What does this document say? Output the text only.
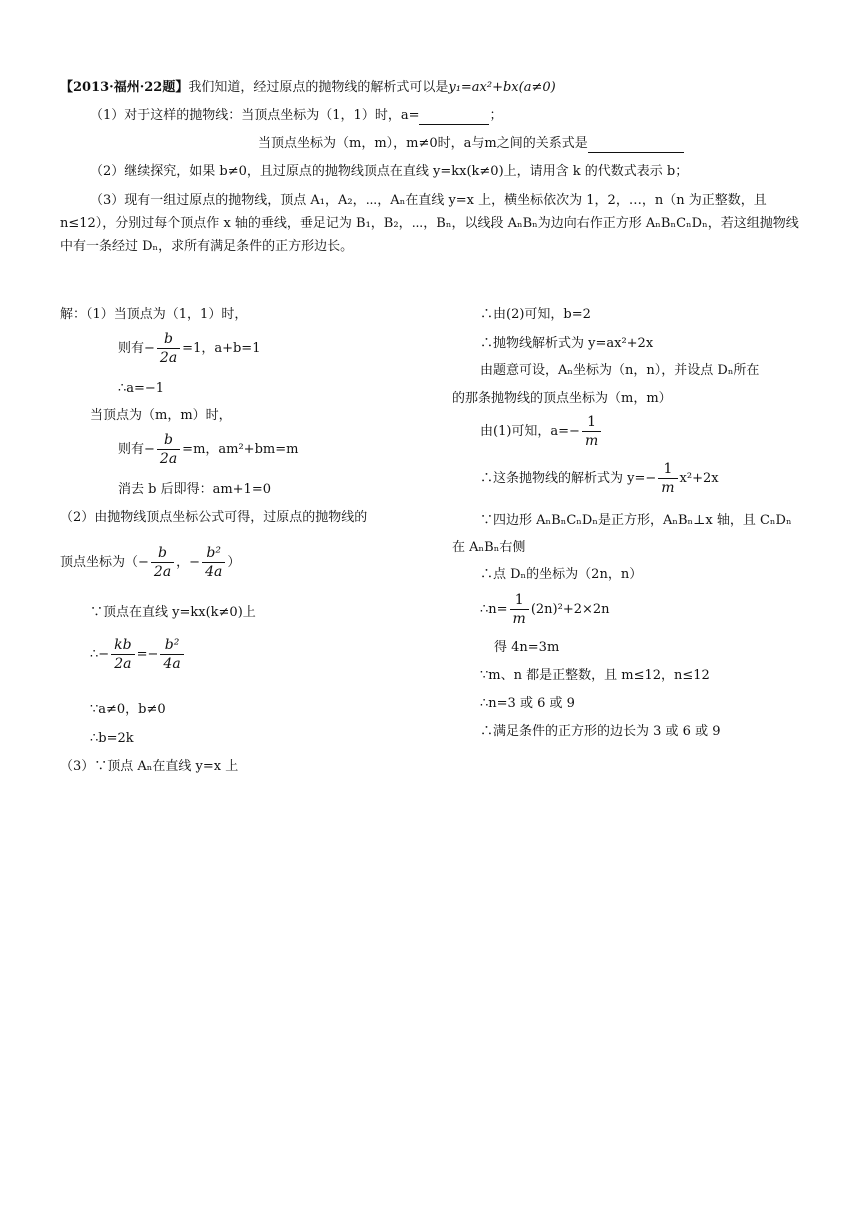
【2013·福州·22题】我们知道，经过原点的抛物线的解析式可以是y₁=ax²+bx(a≠0)
（1）对于这样的抛物线：当顶点坐标为（1，1）时，a=	；
当顶点坐标为（m，m），m≠0时，a与m之间的关系式是
（2）继续探究，如果 b≠0，且过原点的抛物线顶点在直线 y=kx(k≠0)上，请用含 k 的代数式表示 b；
（3）现有一组过原点的抛物线，顶点 A₁，A₂，⋯，Aₙ在直线 y=x 上，横坐标依次为 1，2，…，n（n 为正整数，且 n≤12），分别过每个顶点作 x 轴的垂线，垂足记为 B₁，B₂，⋯，Bₙ，以线段 AₙBₙ为边向右作正方形 AₙBₙCₙDₙ，若这组抛物线中有一条经过 Dₙ，求所有满足条件的正方形边长。
解：（1）当顶点为（1，1）时，
则有− $\frac{b}{2a} =1$，a+b=1
∴a=−1
当顶点为（m，m）时，
则有− $\frac{b}{2a} =m$，am²+bm=m
消去 b 后即得：am+1=0
（2）由抛物线顶点坐标公式可得，过原点的抛物线的
顶点坐标为（− $\frac{b}{2a}$ ，− $\frac{\text{b²}}{4a}$ ）
∵顶点在直线 y=kx(k≠0)上
∴− $\frac{kb}{2a} =- \frac{\text{b²}}{4a}$
∵a≠0，b≠0
∴b=2k
（3）∵顶点 Aₙ在直线 y=x 上
∴由(2)可知，b=2
∴抛物线解析式为 y=ax²+2x
由题意可设，Aₙ坐标为（n，n），并设点 Dₙ所在
的那条抛物线的顶点坐标为（m，m）
由(1)可知，$a=- \frac{1}{m}$
∴这条抛物线的解析式为 $y=- \frac{1}{m} x^2+2x$
∵四边形 AₙBₙCₙDₙ是正方形，AₙBₙ⊥x 轴，且 CₙDₙ
在 AₙBₙ右侧
∴点 Dₙ的坐标为（2n，n）
∴n= $\frac{1}{m} (2n)^2+2\times 2n$
得 4n=3m
∵m、n 都是正整数，且 m≤12，n≤12
∴n=3 或 6 或 9
∴满足条件的正方形的边长为 3 或 6 或 9
